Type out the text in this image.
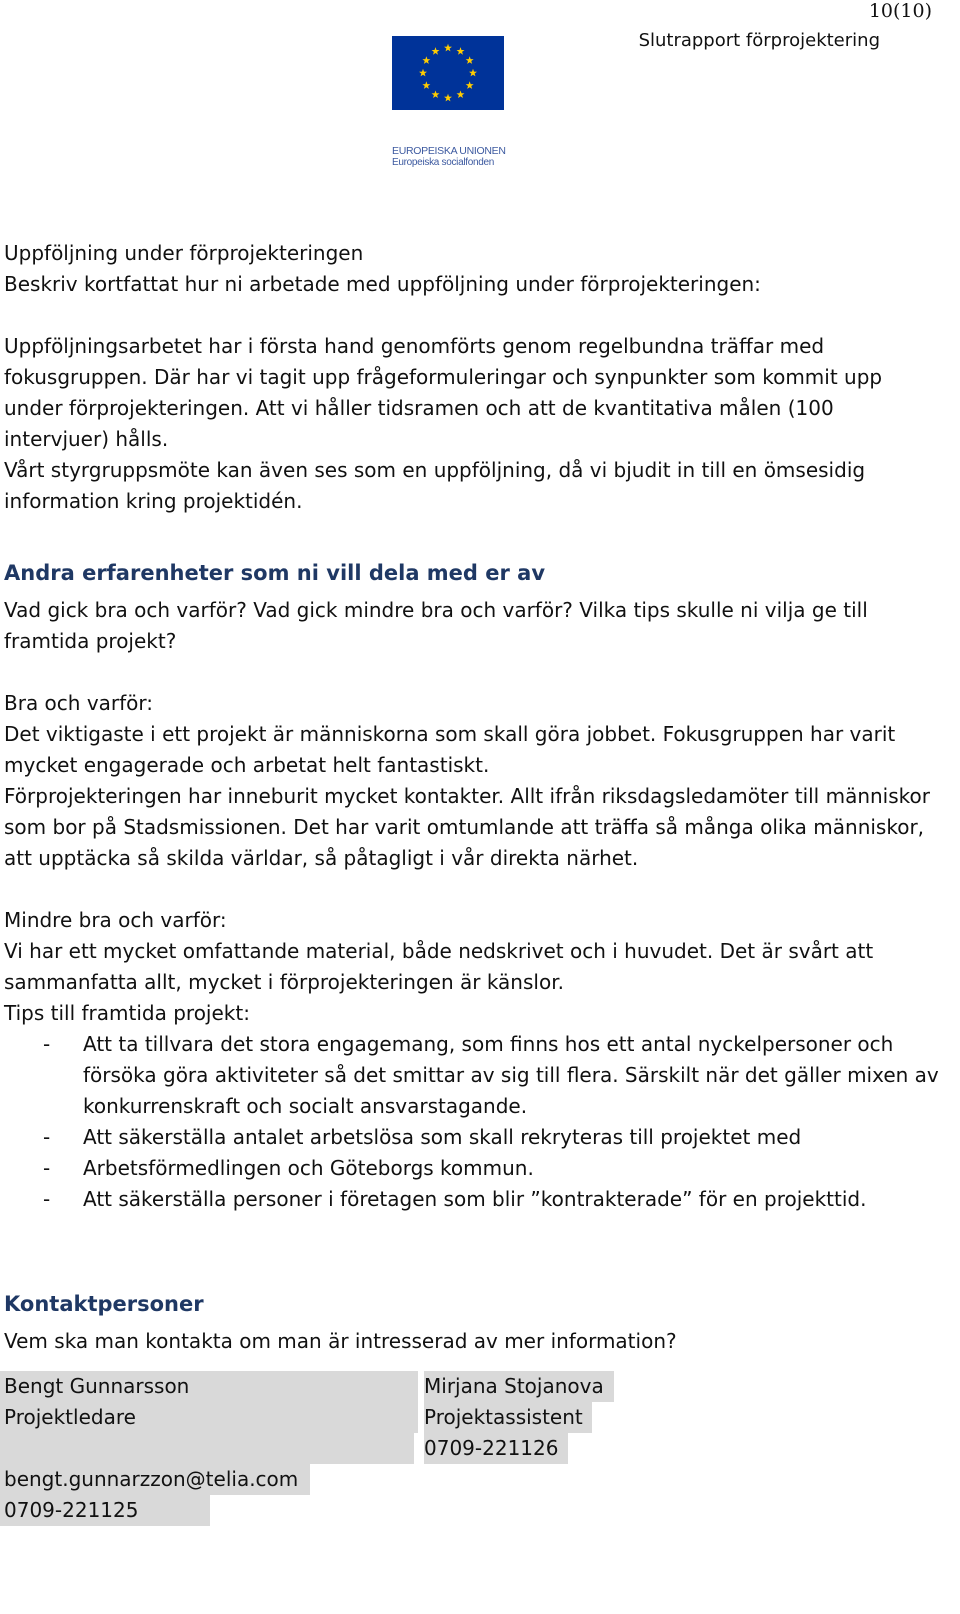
10(10)
Slutrapport förprojektering
EUROPEISKA UNIONEN
Europeiska socialfonden

Uppföljning under förprojekteringen

Beskriv kortfattat hur ni arbetade med uppföljning under förprojekteringen:

Uppföljningsarbetet har i första hand genomförts genom regelbundna träffar med fokusgruppen. Där har vi tagit upp frågeformuleringar och synpunkter som kommit upp under förprojekteringen. Att vi håller tidsramen och att de kvantitativa målen (100 intervjuer) hålls.

Vårt styrgruppsmöte kan även ses som en uppföljning, då vi bjudit in till en ömsesidig information kring projektidén.

Andra erfarenheter som ni vill dela med er av

Vad gick bra och varför? Vad gick mindre bra och varför? Vilka tips skulle ni vilja ge till framtida projekt?

Bra och varför:

Det viktigaste i ett projekt är människorna som skall göra jobbet. Fokusgruppen har varit mycket engagerade och arbetat helt fantastiskt.

Förprojekteringen har inneburit mycket kontakter. Allt ifrån riksdagsledamöter till människor som bor på Stadsmissionen. Det har varit omtumlande att träffa så många olika människor, att upptäcka så skilda världar, så påtagligt i vår direkta närhet.

Mindre bra och varför:

Vi har ett mycket omfattande material, både nedskrivet och i huvudet. Det är svårt att sammanfatta allt, mycket i förprojekteringen är känslor.

Tips till framtida projekt:

- Att ta tillvara det stora engagemang, som finns hos ett antal nyckelpersoner och försöka göra aktiviteter så det smittar av sig till flera. Särskilt när det gäller mixen av konkurrenskraft och socialt ansvarstagande.
- Att säkerställa antalet arbetslösa som skall rekryteras till projektet med
- Arbetsförmedlingen och Göteborgs kommun.
- Att säkerställa personer i företagen som blir ”kontrakterade” för en projekttid.

Kontaktpersoner

Vem ska man kontakta om man är intresserad av mer information?

Bengt Gunnarsson
Projektledare
bengt.gunnarzzon@telia.com
0709-221125
Mirjana Stojanova
Projektassistent
0709-221126
